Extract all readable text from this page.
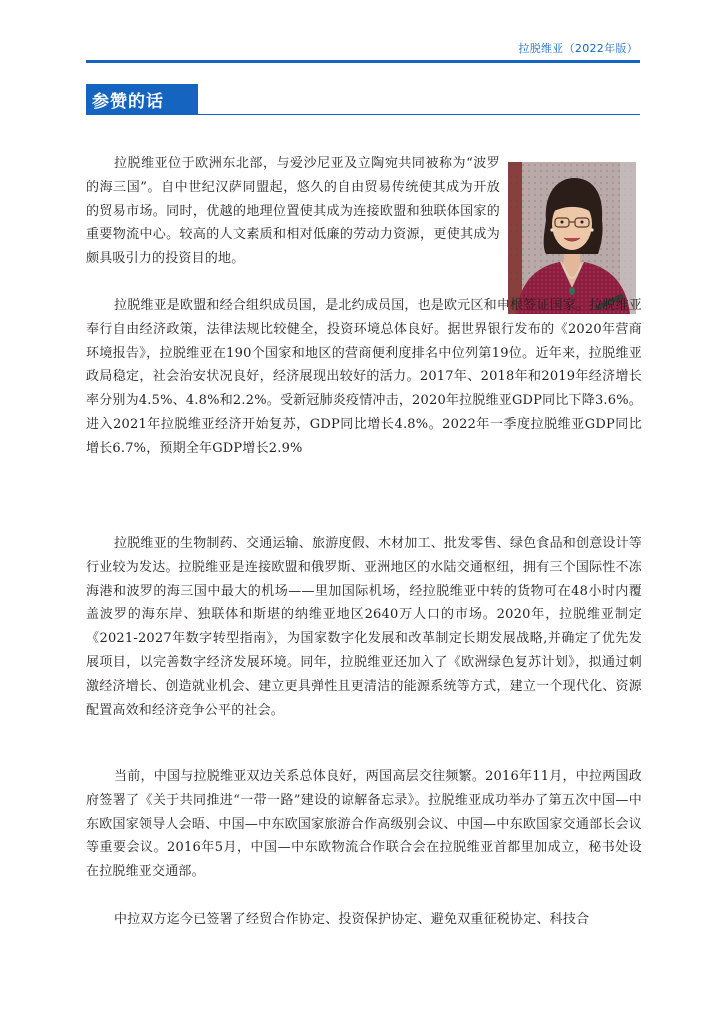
拉脱维亚（2022年版）
参赞的话

拉脱维亚位于欧洲东北部，与爱沙尼亚及立陶宛共同被称为“波罗的海三国”。自中世纪汉萨同盟起，悠久的自由贸易传统使其成为开放的贸易市场。同时，优越的地理位置使其成为连接欧盟和独联体国家的重要物流中心。较高的人文素质和相对低廉的劳动力资源，更使其成为颇具吸引力的投资目的地。

拉脱维亚是欧盟和经合组织成员国，是北约成员国，也是欧元区和申根签证国家。拉脱维亚奉行自由经济政策，法律法规比较健全，投资环境总体良好。据世界银行发布的《2020年营商环境报告》，拉脱维亚在190个国家和地区的营商便利度排名中位列第19位。近年来，拉脱维亚政局稳定，社会治安状况良好，经济展现出较好的活力。2017年、2018年和2019年经济增长率分别为4.5%、4.8%和2.2%。受新冠肺炎疫情冲击，2020年拉脱维亚GDP同比下降3.6%。进入2021年拉脱维亚经济开始复苏，GDP同比增长4.8%。2022年一季度拉脱维亚GDP同比增长6.7%，预期全年GDP增长2.9%

拉脱维亚的生物制药、交通运输、旅游度假、木材加工、批发零售、绿色食品和创意设计等行业较为发达。拉脱维亚是连接欧盟和俄罗斯、亚洲地区的水陆交通枢纽，拥有三个国际性不冻海港和波罗的海三国中最大的机场——里加国际机场，经拉脱维亚中转的货物可在48小时内覆盖波罗的海东岸、独联体和斯堪的纳维亚地区2640万人口的市场。2020年，拉脱维亚制定《2021-2027年数字转型指南》，为国家数字化发展和改革制定长期发展战略,并确定了优先发展项目，以完善数字经济发展环境。同年，拉脱维亚还加入了《欧洲绿色复苏计划》，拟通过刺激经济增长、创造就业机会、建立更具弹性且更清洁的能源系统等方式，建立一个现代化、资源配置高效和经济竞争公平的社会。

当前，中国与拉脱维亚双边关系总体良好，两国高层交往频繁。2016年11月，中拉两国政府签署了《关于共同推进“一带一路”建设的谅解备忘录》。拉脱维亚成功举办了第五次中国—中东欧国家领导人会晤、中国—中东欧国家旅游合作高级别会议、中国—中东欧国家交通部长会议等重要会议。2016年5月，中国—中东欧物流合作联合会在拉脱维亚首都里加成立，秘书处设在拉脱维亚交通部。

中拉双方迄今已签署了经贸合作协定、投资保护协定、避免双重征税协定、科技合
